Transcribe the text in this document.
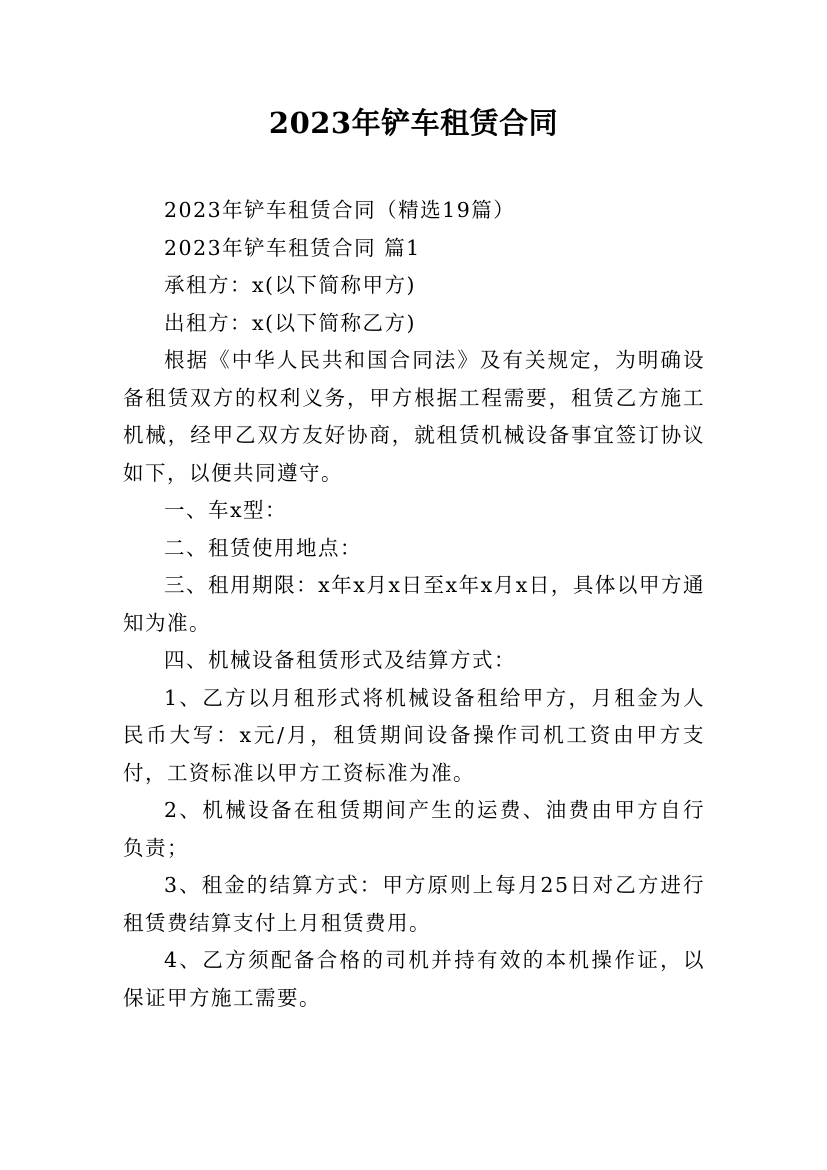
2023年铲车租赁合同

2023年铲车租赁合同（精选19篇）

2023年铲车租赁合同 篇1

承租方：x(以下简称甲方)

出租方：x(以下简称乙方)

根据《中华人民共和国合同法》及有关规定，为明确设备租赁双方的权利义务，甲方根据工程需要，租赁乙方施工机械，经甲乙双方友好协商，就租赁机械设备事宜签订协议如下，以便共同遵守。

一、车x型：

二、租赁使用地点：

三、租用期限：x年x月x日至x年x月x日，具体以甲方通知为准。

四、机械设备租赁形式及结算方式：

1、乙方以月租形式将机械设备租给甲方，月租金为人民币大写：x元/月，租赁期间设备操作司机工资由甲方支付，工资标准以甲方工资标准为准。

2、机械设备在租赁期间产生的运费、油费由甲方自行负责；

3、租金的结算方式：甲方原则上每月25日对乙方进行租赁费结算支付上月租赁费用。

4、乙方须配备合格的司机并持有效的本机操作证，以保证甲方施工需要。
